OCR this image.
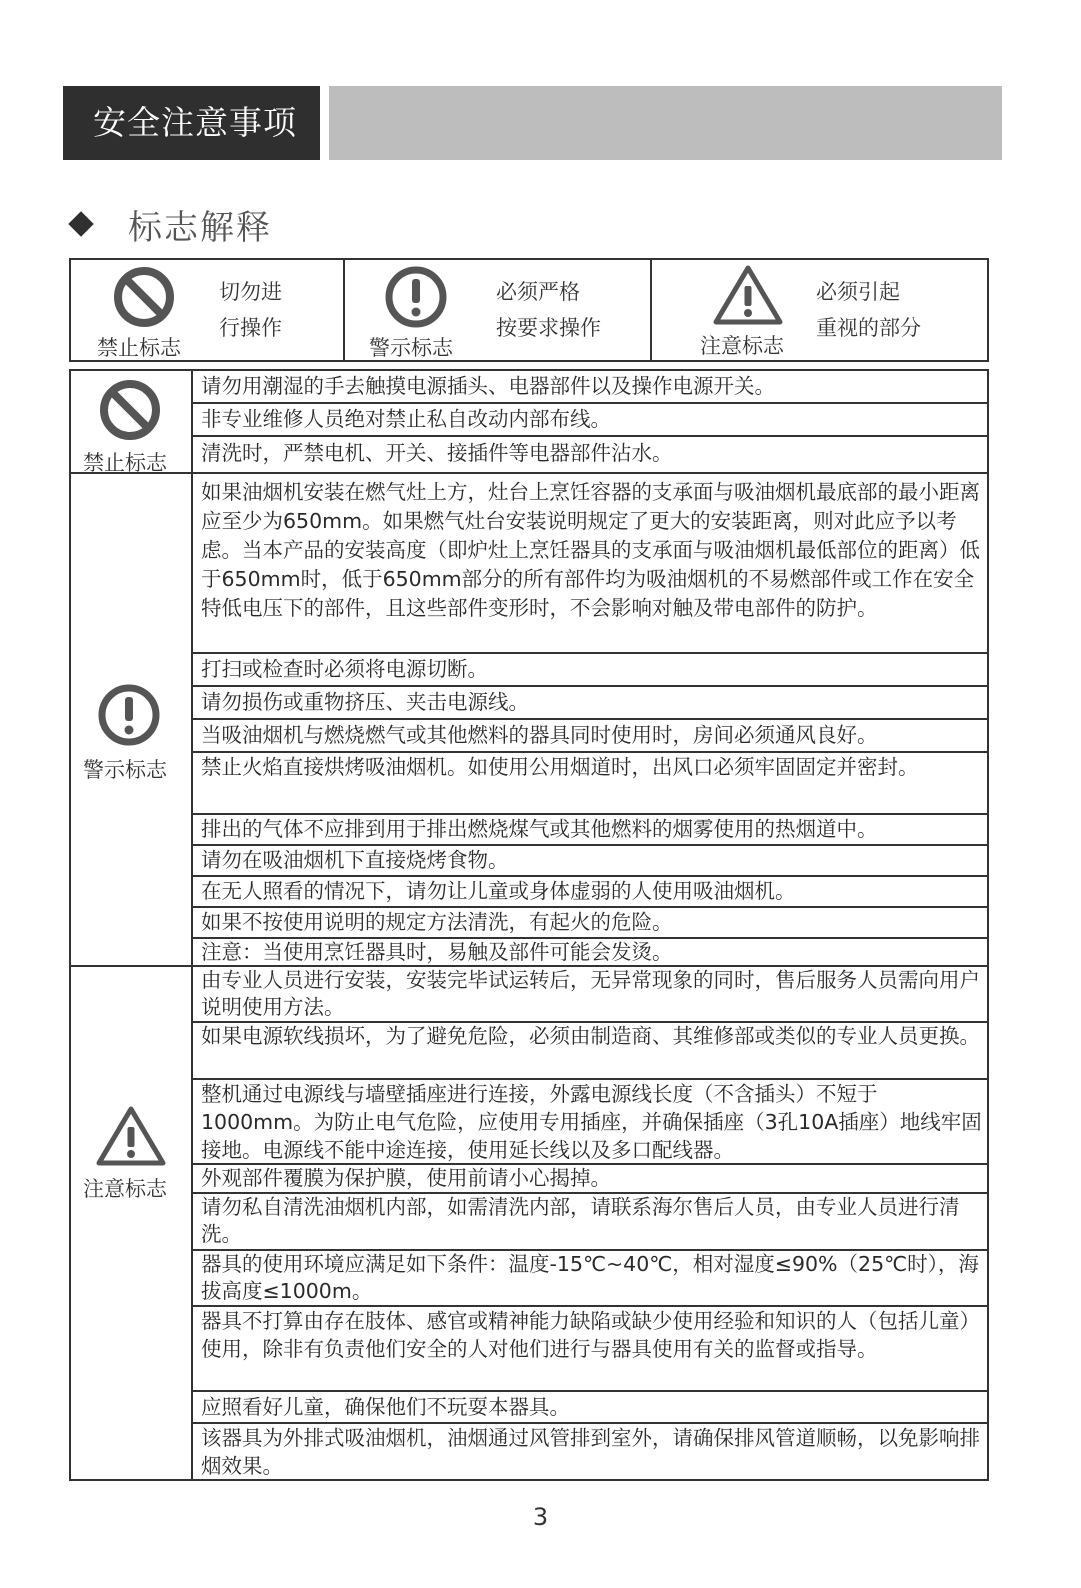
安全注意事项
标志解释
禁止标志
切勿进
行操作
警示标志
必须严格
按要求操作
注意标志
必须引起
重视的部分
禁止标志
请勿用潮湿的手去触摸电源插头、电器部件以及操作电源开关。
非专业维修人员绝对禁止私自改动内部布线。
清洗时，严禁电机、开关、接插件等电器部件沾水。
警示标志
如果油烟机安装在燃气灶上方，灶台上烹饪容器的支承面与吸油烟机最底部的最小距离应至少为650mm。如果燃气灶台安装说明规定了更大的安装距离，则对此应予以考虑。当本产品的安装高度（即炉灶上烹饪器具的支承面与吸油烟机最低部位的距离）低于650mm时，低于650mm部分的所有部件均为吸油烟机的不易燃部件或工作在安全特低电压下的部件，且这些部件变形时，不会影响对触及带电部件的防护。
打扫或检查时必须将电源切断。
请勿损伤或重物挤压、夹击电源线。
当吸油烟机与燃烧燃气或其他燃料的器具同时使用时，房间必须通风良好。
禁止火焰直接烘烤吸油烟机。如使用公用烟道时，出风口必须牢固固定并密封。
排出的气体不应排到用于排出燃烧煤气或其他燃料的烟雾使用的热烟道中。
请勿在吸油烟机下直接烧烤食物。
在无人照看的情况下，请勿让儿童或身体虚弱的人使用吸油烟机。
如果不按使用说明的规定方法清洗，有起火的危险。
注意：当使用烹饪器具时，易触及部件可能会发烫。
注意标志
由专业人员进行安装，安装完毕试运转后，无异常现象的同时，售后服务人员需向用户说明使用方法。
如果电源软线损坏，为了避免危险，必须由制造商、其维修部或类似的专业人员更换。
整机通过电源线与墙壁插座进行连接，外露电源线长度（不含插头）不短于1000mm。为防止电气危险，应使用专用插座，并确保插座（3孔10A插座）地线牢固接地。电源线不能中途连接，使用延长线以及多口配线器。
外观部件覆膜为保护膜，使用前请小心揭掉。
请勿私自清洗油烟机内部，如需清洗内部，请联系海尔售后人员，由专业人员进行清洗。
器具的使用环境应满足如下条件：温度-15℃~40℃，相对湿度≤90%（25℃时），海拔高度≤1000m。
器具不打算由存在肢体、感官或精神能力缺陷或缺少使用经验和知识的人（包括儿童）使用，除非有负责他们安全的人对他们进行与器具使用有关的监督或指导。
应照看好儿童，确保他们不玩耍本器具。
该器具为外排式吸油烟机，油烟通过风管排到室外，请确保排风管道顺畅，以免影响排烟效果。
3
